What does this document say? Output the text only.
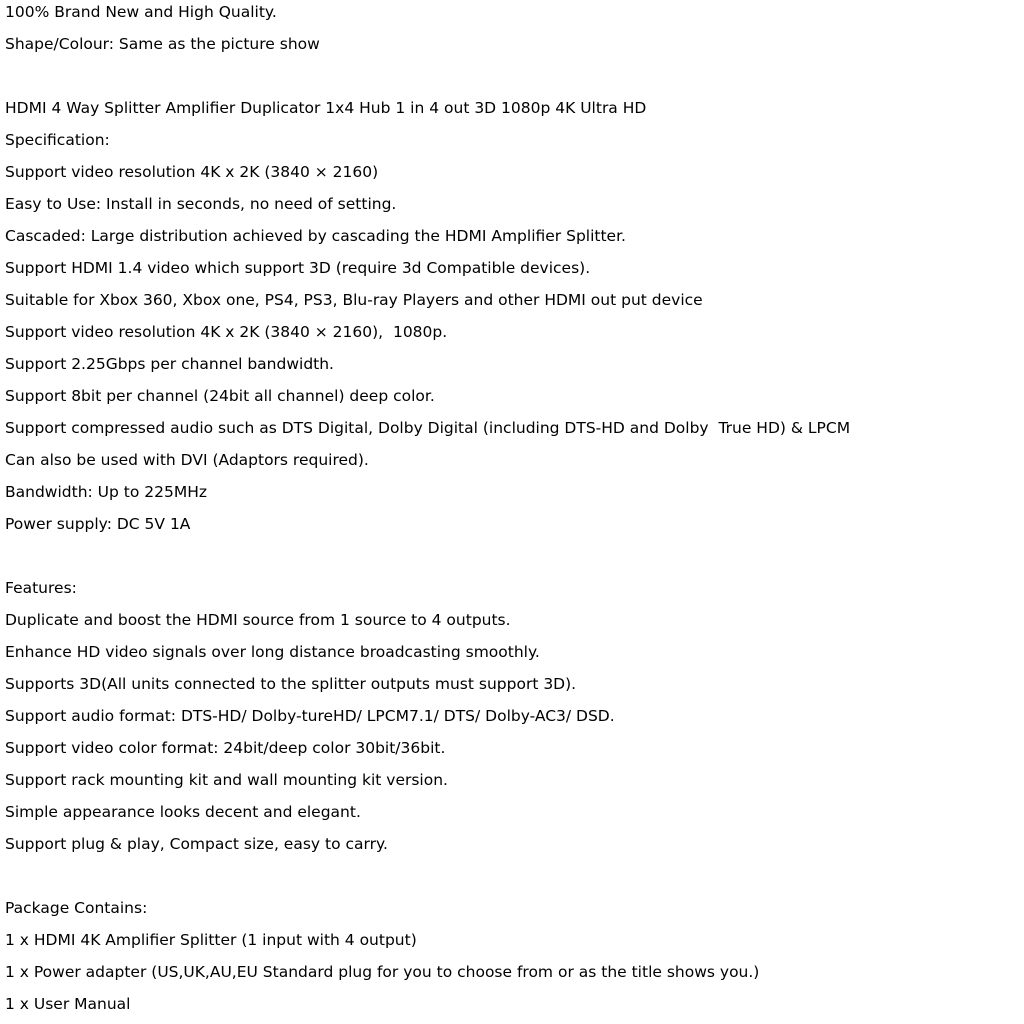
100% Brand New and High Quality.
Shape/Colour: Same as the picture show
HDMI 4 Way Splitter Amplifier Duplicator 1x4 Hub 1 in 4 out 3D 1080p 4K Ultra HD
Specification:
Support video resolution 4K x 2K (3840 × 2160)
Easy to Use: Install in seconds, no need of setting.
Cascaded: Large distribution achieved by cascading the HDMI Amplifier Splitter.
Support HDMI 1.4 video which support 3D (require 3d Compatible devices).
Suitable for Xbox 360, Xbox one, PS4, PS3, Blu-ray Players and other HDMI out put device
Support video resolution 4K x 2K (3840 × 2160),  1080p.
Support 2.25Gbps per channel bandwidth.
Support 8bit per channel (24bit all channel) deep color.
Support compressed audio such as DTS Digital, Dolby Digital (including DTS-HD and Dolby  True HD) & LPCM
Can also be used with DVI (Adaptors required).
Bandwidth: Up to 225MHz
Power supply: DC 5V 1A
Features:
Duplicate and boost the HDMI source from 1 source to 4 outputs.
Enhance HD video signals over long distance broadcasting smoothly.
Supports 3D(All units connected to the splitter outputs must support 3D).
Support audio format: DTS-HD/ Dolby-tureHD/ LPCM7.1/ DTS/ Dolby-AC3/ DSD.
Support video color format: 24bit/deep color 30bit/36bit.
Support rack mounting kit and wall mounting kit version.
Simple appearance looks decent and elegant.
Support plug & play, Compact size, easy to carry.
Package Contains:
1 x HDMI 4K Amplifier Splitter (1 input with 4 output)
1 x Power adapter (US,UK,AU,EU Standard plug for you to choose from or as the title shows you.)
1 x User Manual
